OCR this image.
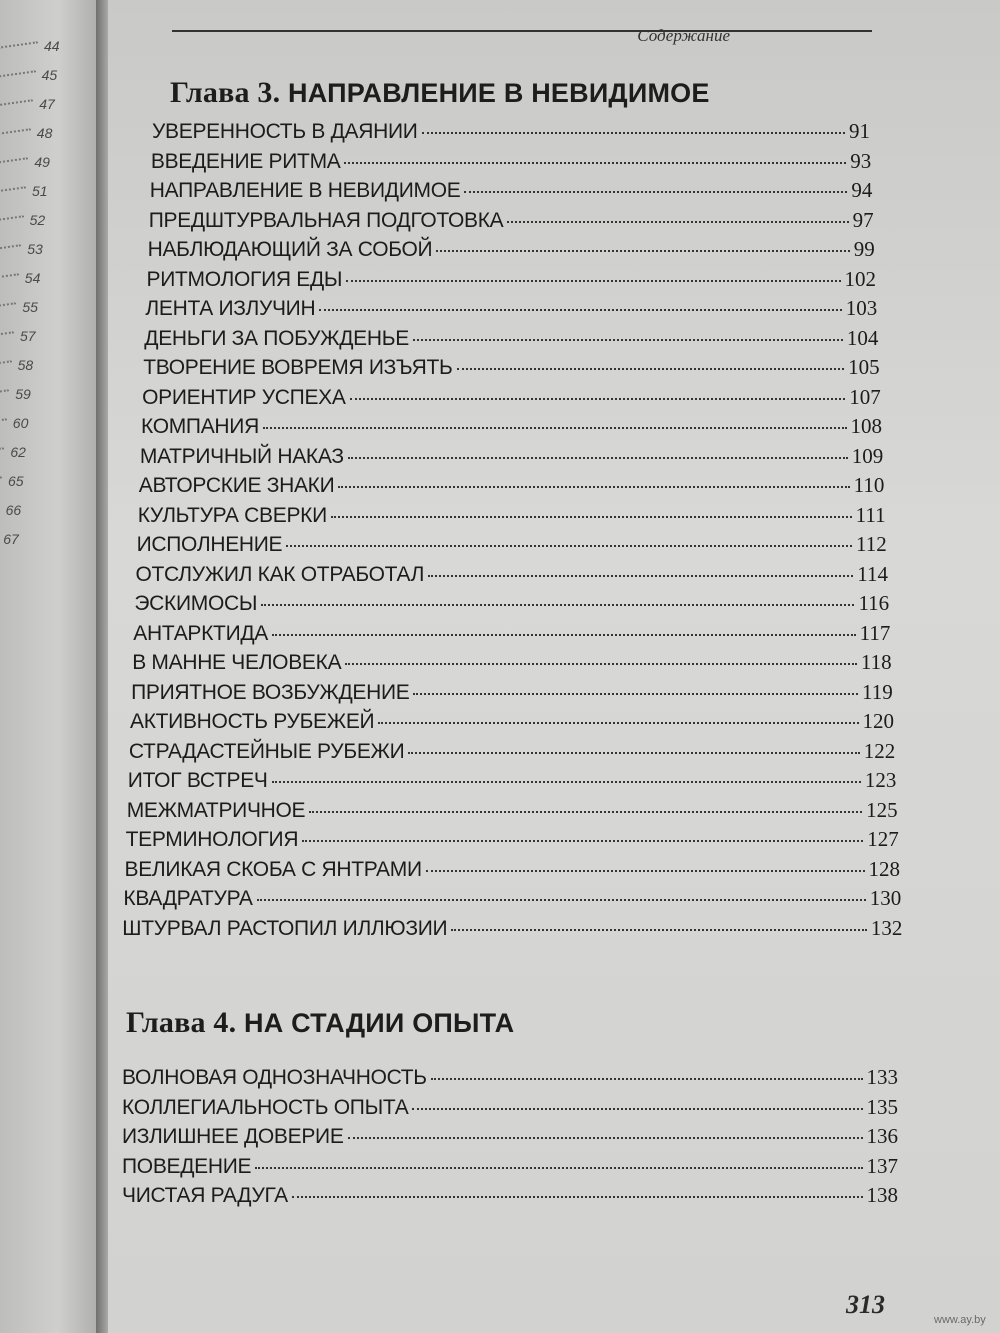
44
45
47
48
49
51
52
53
54
55
57
58
59
60
62
65
66
67
Содержание
Глава 3. НАПРАВЛЕНИЕ В НЕВИДИМОЕ
УВЕРЕННОСТЬ В ДАЯНИИ	91
ВВЕДЕНИЕ РИТМА	93
НАПРАВЛЕНИЕ В НЕВИДИМОЕ	94
ПРЕДШТУРВАЛЬНАЯ ПОДГОТОВКА	97
НАБЛЮДАЮЩИЙ ЗА СОБОЙ	99
РИТМОЛОГИЯ ЕДЫ	102
ЛЕНТА ИЗЛУЧИН	103
ДЕНЬГИ ЗА ПОБУЖДЕНЬЕ	104
ТВОРЕНИЕ ВОВРЕМЯ ИЗЪЯТЬ	105
ОРИЕНТИР УСПЕХА	107
КОМПАНИЯ	108
МАТРИЧНЫЙ НАКАЗ	109
АВТОРСКИЕ ЗНАКИ	110
КУЛЬТУРА СВЕРКИ	111
ИСПОЛНЕНИЕ	112
ОТСЛУЖИЛ КАК ОТРАБОТАЛ	114
ЭСКИМОСЫ	116
АНТАРКТИДА	117
В МАННЕ ЧЕЛОВЕКА	118
ПРИЯТНОЕ ВОЗБУЖДЕНИЕ	119
АКТИВНОСТЬ РУБЕЖЕЙ	120
СТРАДАСТЕЙНЫЕ РУБЕЖИ	122
ИТОГ ВСТРЕЧ	123
МЕЖМАТРИЧНОЕ	125
ТЕРМИНОЛОГИЯ	127
ВЕЛИКАЯ СКОБА С ЯНТРАМИ	128
КВАДРАТУРА	130
ШТУРВАЛ РАСТОПИЛ ИЛЛЮЗИИ	132
Глава 4. НА СТАДИИ ОПЫТА
ВОЛНОВАЯ ОДНОЗНАЧНОСТЬ	133
КОЛЛЕГИАЛЬНОСТЬ ОПЫТА	135
ИЗЛИШНЕЕ ДОВЕРИЕ	136
ПОВЕДЕНИЕ	137
ЧИСТАЯ РАДУГА	138
313
www.ay.by
